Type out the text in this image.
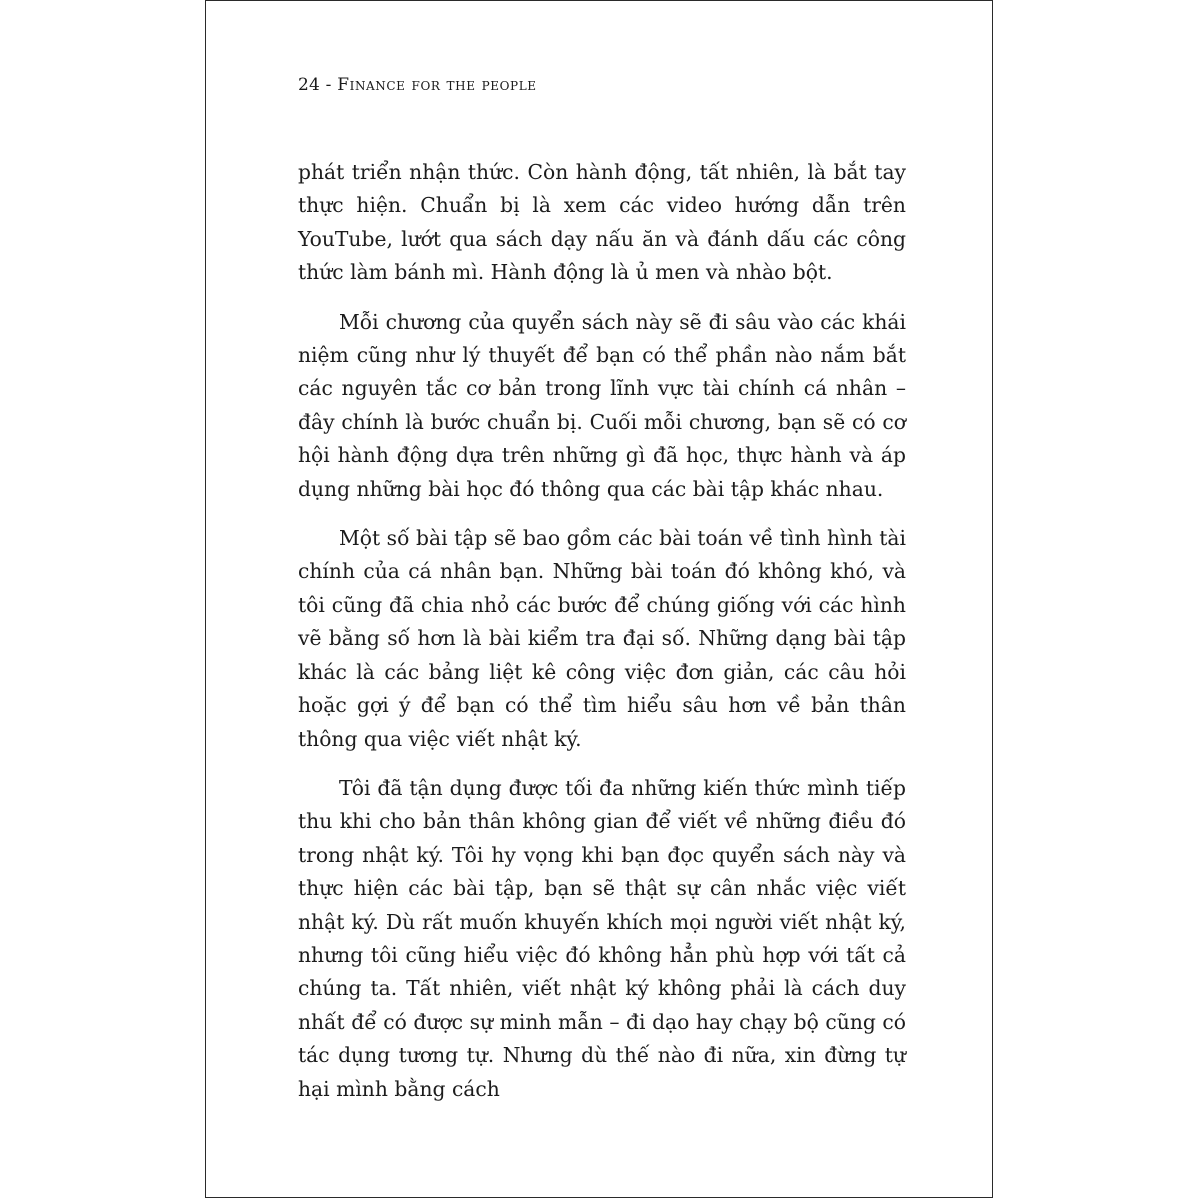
24 - Finance for the people

phát triển nhận thức. Còn hành động, tất nhiên, là bắt tay thực hiện. Chuẩn bị là xem các video hướng dẫn trên YouTube, lướt qua sách dạy nấu ăn và đánh dấu các công thức làm bánh mì. Hành động là ủ men và nhào bột.

Mỗi chương của quyển sách này sẽ đi sâu vào các khái niệm cũng như lý thuyết để bạn có thể phần nào nắm bắt các nguyên tắc cơ bản trong lĩnh vực tài chính cá nhân – đây chính là bước chuẩn bị. Cuối mỗi chương, bạn sẽ có cơ hội hành động dựa trên những gì đã học, thực hành và áp dụng những bài học đó thông qua các bài tập khác nhau.

Một số bài tập sẽ bao gồm các bài toán về tình hình tài chính của cá nhân bạn. Những bài toán đó không khó, và tôi cũng đã chia nhỏ các bước để chúng giống với các hình vẽ bằng số hơn là bài kiểm tra đại số. Những dạng bài tập khác là các bảng liệt kê công việc đơn giản, các câu hỏi hoặc gợi ý để bạn có thể tìm hiểu sâu hơn về bản thân thông qua việc viết nhật ký.

Tôi đã tận dụng được tối đa những kiến thức mình tiếp thu khi cho bản thân không gian để viết về những điều đó trong nhật ký. Tôi hy vọng khi bạn đọc quyển sách này và thực hiện các bài tập, bạn sẽ thật sự cân nhắc việc viết nhật ký. Dù rất muốn khuyến khích mọi người viết nhật ký, nhưng tôi cũng hiểu việc đó không hẳn phù hợp với tất cả chúng ta. Tất nhiên, viết nhật ký không phải là cách duy nhất để có được sự minh mẫn – đi dạo hay chạy bộ cũng có tác dụng tương tự. Nhưng dù thế nào đi nữa, xin đừng tự hại mình bằng cách
